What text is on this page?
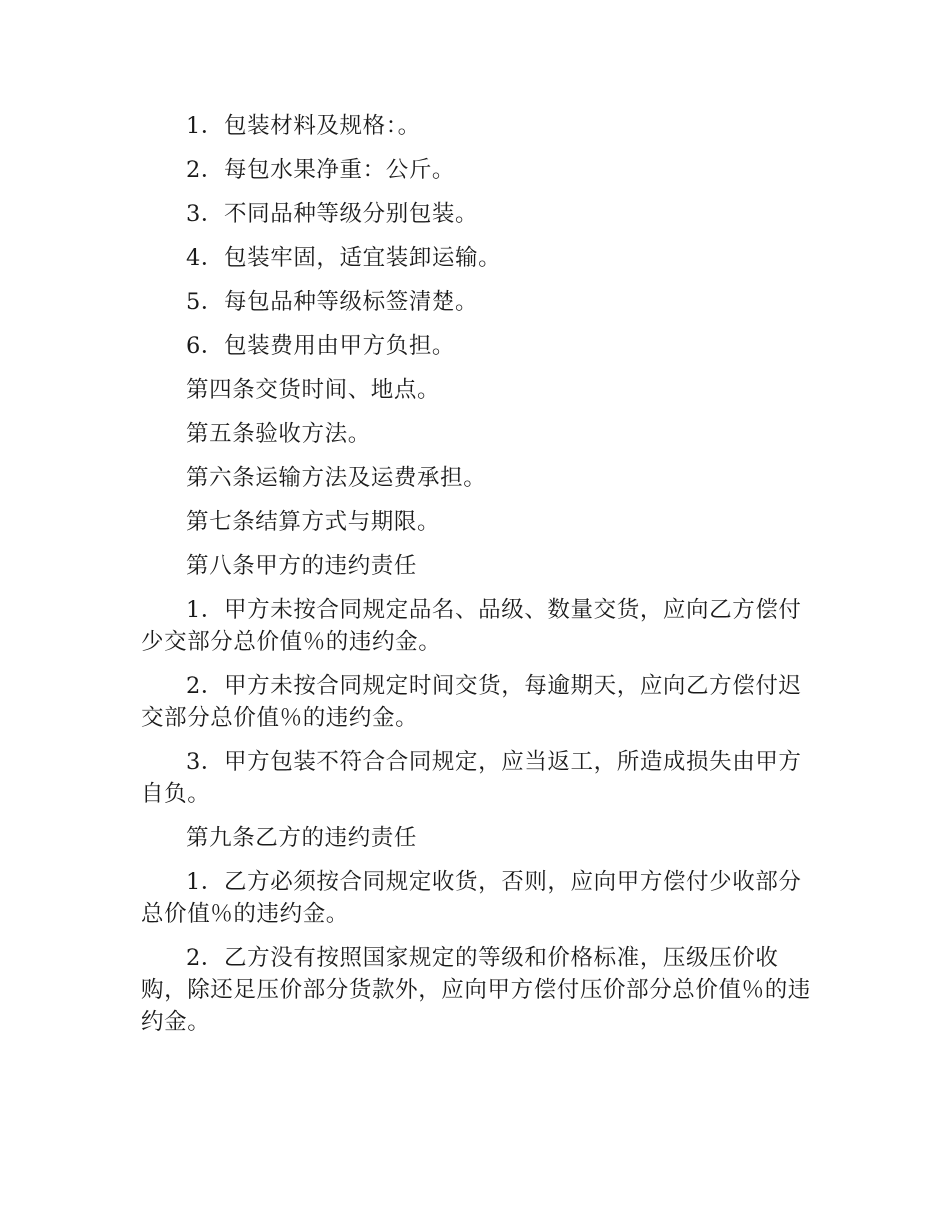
1．包装材料及规格：。

2．每包水果净重：公斤。

3．不同品种等级分别包装。

4．包装牢固，适宜装卸运输。

5．每包品种等级标签清楚。

6．包装费用由甲方负担。

第四条交货时间、地点。

第五条验收方法。

第六条运输方法及运费承担。

第七条结算方式与期限。

第八条甲方的违约责任

1．甲方未按合同规定品名、品级、数量交货，应向乙方偿付少交部分总价值％的违约金。

2．甲方未按合同规定时间交货，每逾期天，应向乙方偿付迟交部分总价值％的违约金。

3．甲方包装不符合合同规定，应当返工，所造成损失由甲方自负。

第九条乙方的违约责任

1．乙方必须按合同规定收货，否则，应向甲方偿付少收部分总价值％的违约金。

2．乙方没有按照国家规定的等级和价格标准，压级压价收购，除还足压价部分货款外，应向甲方偿付压价部分总价值％的违约金。
